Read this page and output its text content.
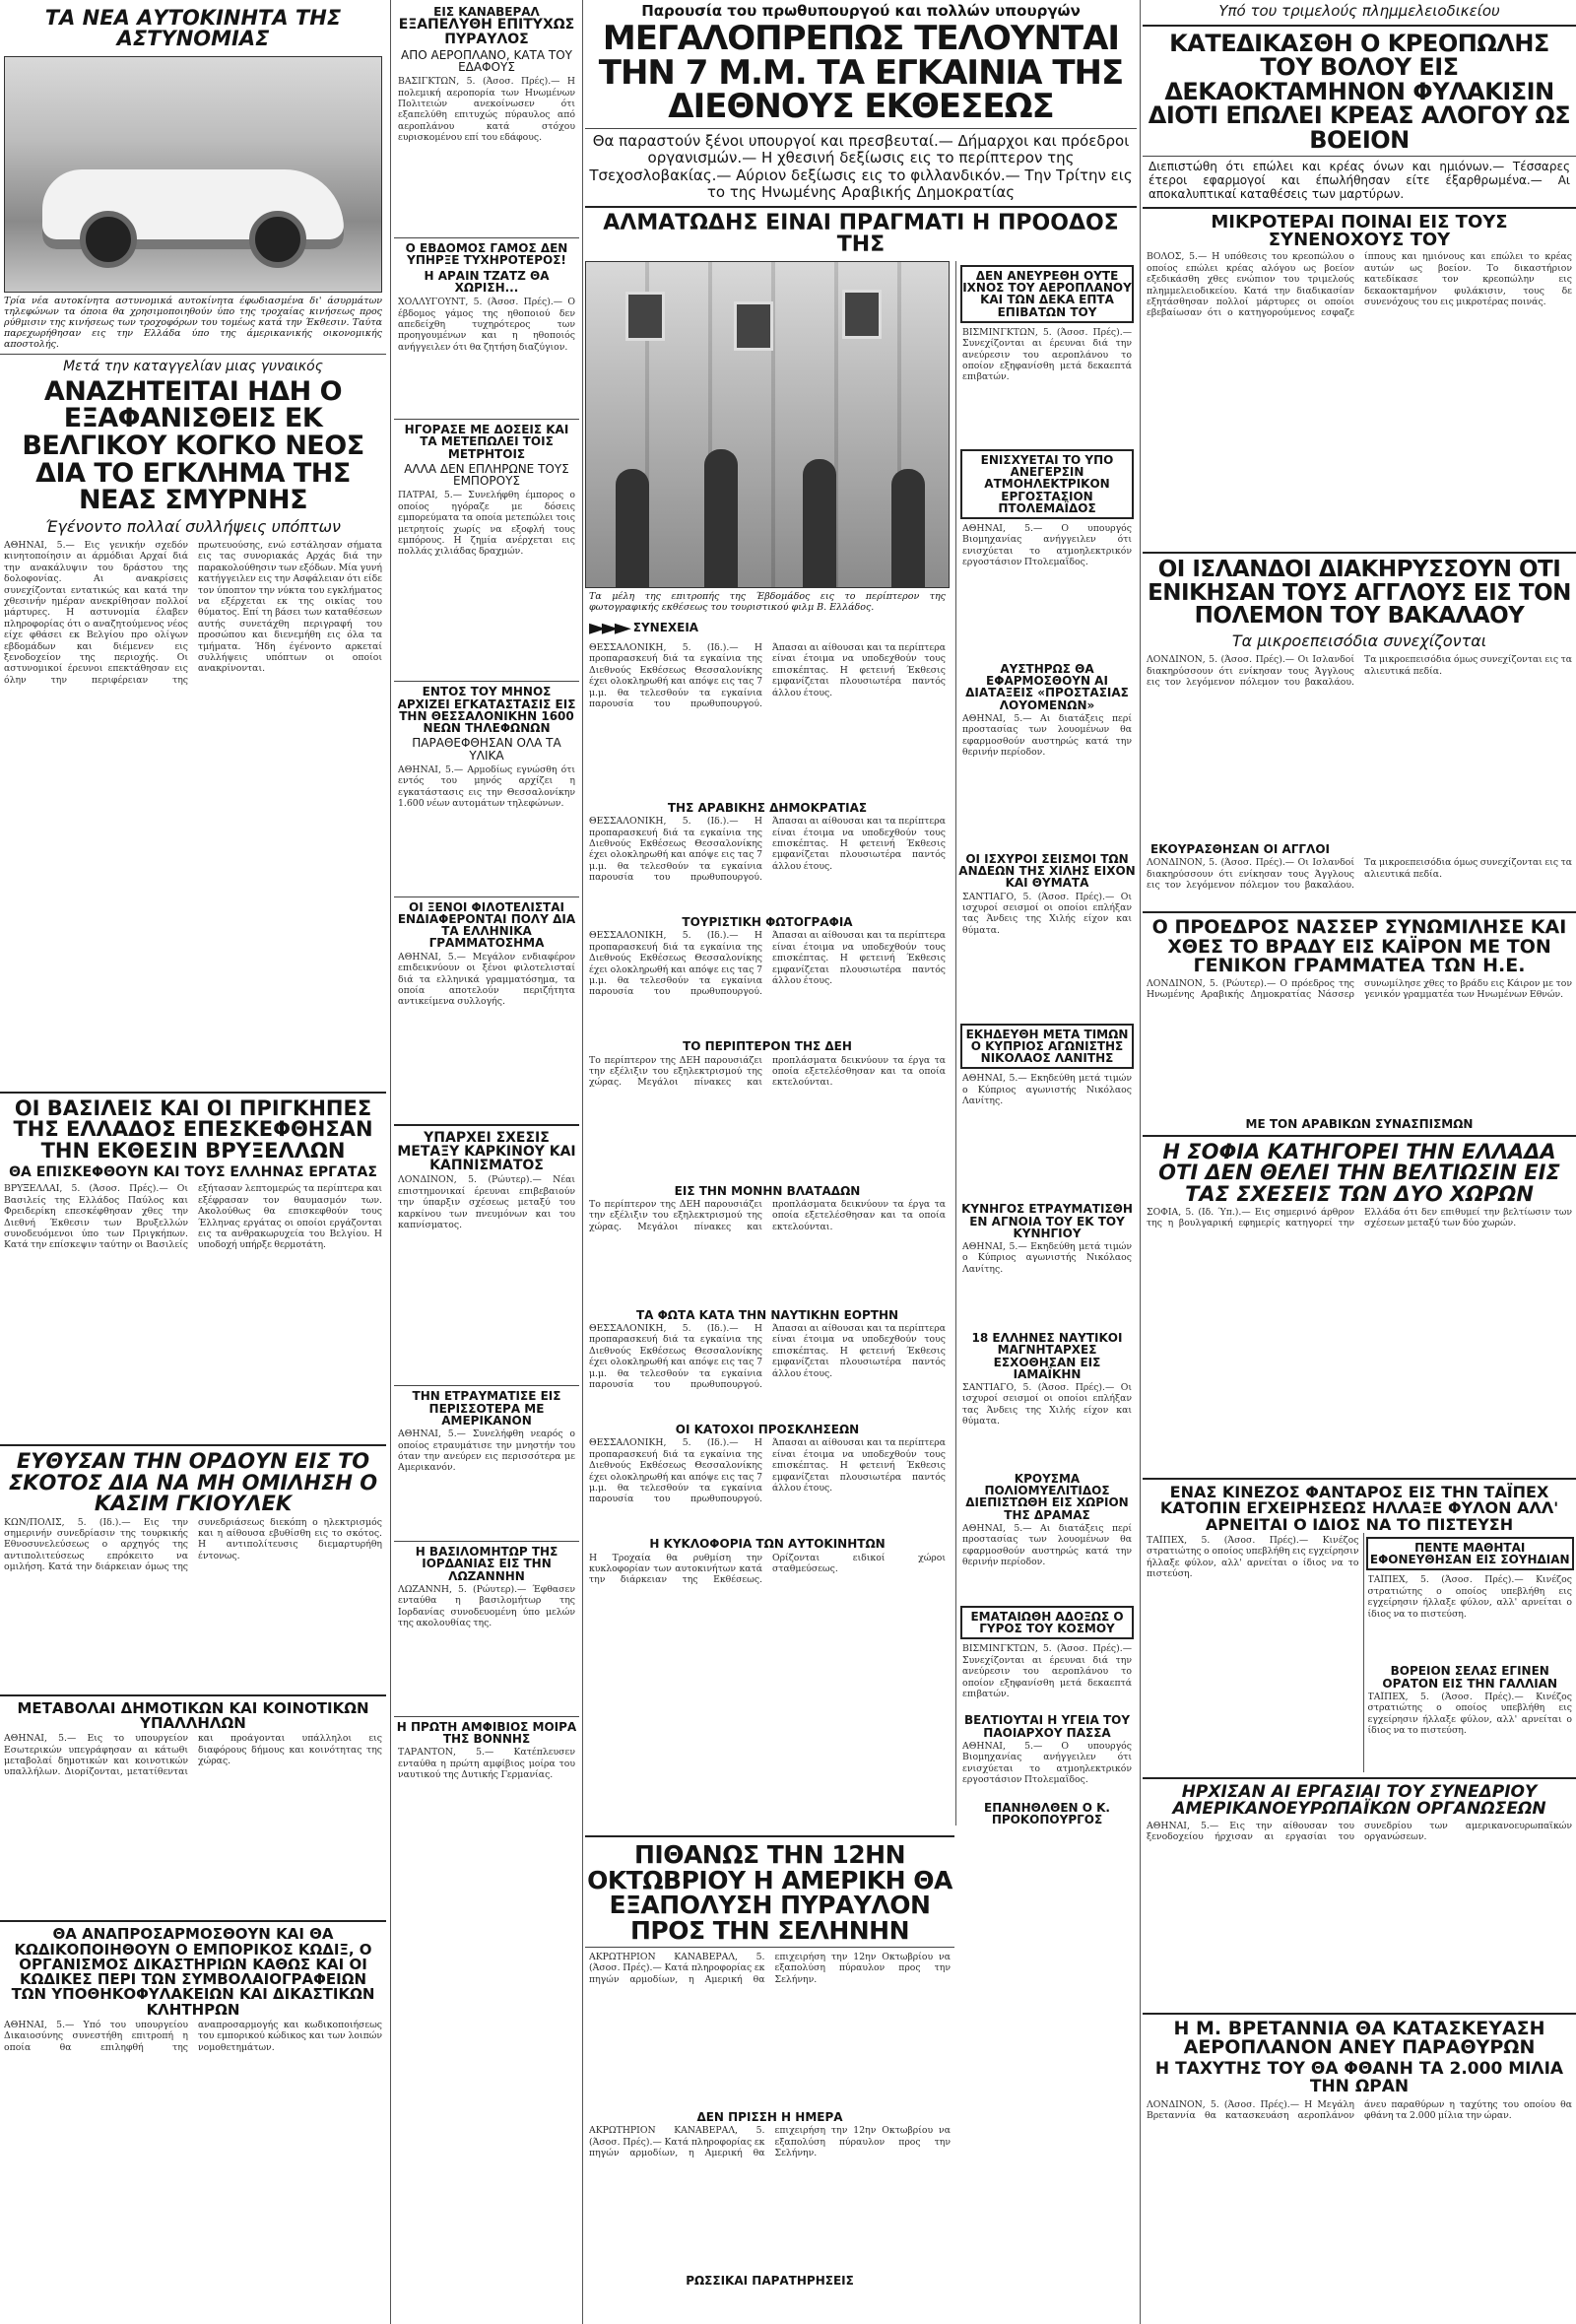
ΤΑ ΝΕΑ ΑΥΤΟΚΙΝΗΤΑ ΤΗΣ ΑΣΤΥΝΟΜΙΑΣ

Τρία νέα αυτοκίνητα αστυνομικά αυτοκίνητα έφωδιασμένα δι' άσυρμάτων τηλεφώνων τα όποια θα χρησιμοποιηθούν ύπο της τροχαίας κινήσεως προς ρύθμισιν της κινήσεως των τροχοφόρων του τομέως κατά την Έκθεσιν. Ταύτα παρεχωρήθησαν εις την Ελλάδα ύπο της άμερικανικής οικονομικής αποστολής.

Μετά την καταγγελίαν μιας γυναικός

ΑΝΑΖΗΤΕΙΤΑΙ ΗΔΗ Ο ΕΞΑΦΑΝΙΣΘΕΙΣ ΕΚ ΒΕΛΓΙΚΟΥ ΚΟΓΚΟ ΝΕΟΣ ΔΙΑ ΤΟ ΕΓΚΛΗΜΑ ΤΗΣ ΝΕΑΣ ΣΜΥΡΝΗΣ

Έγένοντο πολλαί συλλήψεις υπόπτων

ΑΘΗΝΑΙ, 5.— Εις γενικήν σχεδόν κινητοποίησιν αι άρμόδιαι Αρχαί διά την ανακάλυψιν του δράστου της δολοφονίας. Αι ανακρίσεις συνεχίζονται εντατικώς και κατά την χθεσινήν ημέραν ανεκρίθησαν πολλοί μάρτυρες. Η αστυνομία έλαβεν πληροφορίας ότι ο αναζητούμενος νέος είχε φθάσει εκ Βελγίου προ ολίγων εβδομάδων και διέμενεν εις ξενοδοχείον της περιοχής. Οι αστυνομικοί έρευνοι επεκτάθησαν εις όλην την περιφέρειαν της πρωτευούσης, ενώ εστάλησαν σήματα εις τας συνοριακάς Αρχάς διά την παρακολούθησιν των εξόδων. Μία γυνή κατήγγειλεν εις την Ασφάλειαν ότι είδε τον ύποπτον την νύκτα του εγκλήματος να εξέρχεται εκ της οικίας του θύματος. Επί τη βάσει των καταθέσεων αυτής συνετάχθη περιγραφή του προσώπου και διενεμήθη εις όλα τα τμήματα. Ήδη έγένοντο αρκεταί συλλήψεις υπόπτων οι οποίοι ανακρίνονται.

ΟΙ ΒΑΣΙΛΕΙΣ ΚΑΙ ΟΙ ΠΡΙΓΚΗΠΕΣ ΤΗΣ ΕΛΛΑΔΟΣ ΕΠΕΣΚΕΦΘΗΣΑΝ ΤΗΝ ΕΚΘΕΣΙΝ ΒΡΥΞΕΛΛΩΝ

ΘΑ ΕΠΙΣΚΕΦΘΟΥΝ ΚΑΙ ΤΟΥΣ ΕΛΛΗΝΑΣ ΕΡΓΑΤΑΣ

ΒΡΥΞΕΛΛΑΙ, 5. (Άσοσ. Πρές).— Οι Βασιλείς της Ελλάδος Παύλος και Φρειδερίκη επεσκέφθησαν χθες την Διεθνή Έκθεσιν των Βρυξελλών συνοδευόμενοι ύπο των Πριγκήπων. Κατά την επίσκεψιν ταύτην οι Βασιλείς εξήτασαν λεπτομερώς τα περίπτερα και εξέφρασαν τον θαυμασμόν των. Ακολούθως θα επισκεφθούν τους Έλληνας εργάτας οι οποίοι εργάζονται εις τα ανθρακωρυχεία του Βελγίου. Η υποδοχή υπήρξε θερμοτάτη.

ΕΥΘΥΣΑΝ ΤΗΝ ΟΡΔΟΥΝ ΕΙΣ ΤΟ ΣΚΟΤΟΣ ΔΙΑ ΝΑ ΜΗ ΟΜΙΛΗΣΗ Ο ΚΑΣΙΜ ΓΚΙΟΥΛΕΚ

ΚΩΝ/ΠΟΛΙΣ, 5. (Ιδ.).— Εις την σημερινήν συνεδρίασιν της τουρκικής Εθνοσυνελεύσεως ο αρχηγός της αντιπολιτεύσεως επρόκειτο να ομιλήση. Κατά την διάρκειαν όμως της συνεδριάσεως διεκόπη ο ηλεκτρισμός και η αίθουσα εβυθίσθη εις το σκότος. Η αντιπολίτευσις διεμαρτυρήθη έντονως.

ΜΕΤΑΒΟΛΑΙ ΔΗΜΟΤΙΚΩΝ ΚΑΙ ΚΟΙΝΟΤΙΚΩΝ ΥΠΑΛΛΗΛΩΝ

ΑΘΗΝΑΙ, 5.— Εις το υπουργείον Εσωτερικών υπεγράφησαν αι κάτωθι μεταβολαί δημοτικών και κοινοτικών υπαλλήλων. Διορίζονται, μετατίθενται και προάγονται υπάλληλοι εις διαφόρους δήμους και κοινότητας της χώρας.

ΘΑ ΑΝΑΠΡΟΣΑΡΜΟΣΘΟΥΝ ΚΑΙ ΘΑ ΚΩΔΙΚΟΠΟΙΗΘΟΥΝ Ο ΕΜΠΟΡΙΚΟΣ ΚΩΔΙΞ, Ο ΟΡΓΑΝΙΣΜΟΣ ΔΙΚΑΣΤΗΡΙΩΝ ΚΑΘΩΣ ΚΑΙ ΟΙ ΚΩΔΙΚΕΣ ΠΕΡΙ ΤΩΝ ΣΥΜΒΟΛΑΙΟΓΡΑΦΕΙΩΝ ΤΩΝ ΥΠΟΘΗΚΟΦΥΛΑΚΕΙΩΝ ΚΑΙ ΔΙΚΑΣΤΙΚΩΝ ΚΛΗΤΗΡΩΝ

ΑΘΗΝΑΙ, 5.— Υπό του υπουργείου Δικαιοσύνης συνεστήθη επιτροπή η οποία θα επιληφθή της αναπροσαρμογής και κωδικοποιήσεως του εμπορικού κώδικος και των λοιπών νομοθετημάτων.

ΕΙΣ ΚΑΝΑΒΕΡΑΛ

ΕΞΑΠΕΛΥΘΗ ΕΠΙΤΥΧΩΣ ΠΥΡΑΥΛΟΣ

ΑΠΟ ΑΕΡΟΠΛΑΝΟ, ΚΑΤΑ ΤΟΥ ΕΔΑΦΟΥΣ

ΒΑΣΙΓΚΤΩΝ, 5. (Άσοσ. Πρές).— Η πολεμική αεροπορία των Ηνωμένων Πολιτειών ανεκοίνωσεν ότι εξαπελύθη επιτυχώς πύραυλος από αεροπλάνου κατά στόχου ευρισκομένου επί του εδάφους.

Ο ΕΒΔΟΜΟΣ ΓΑΜΟΣ ΔΕΝ ΥΠΗΡΞΕ ΤΥΧΗΡΟΤΕΡΟΣ!

Η ΑΡΑΙΝ ΤΖΑΤΖ ΘΑ ΧΩΡΙΣΗ...

ΧΟΛΛΥΓΟΥΝΤ, 5. (Άσοσ. Πρές).— Ο έβδομος γάμος της ηθοποιού δεν απεδείχθη τυχηρότερος των προηγουμένων και η ηθοποιός ανήγγειλεν ότι θα ζητήση διαζύγιον.

ΗΓΟΡΑΣΕ ΜΕ ΔΟΣΕΙΣ ΚΑΙ ΤΑ ΜΕΤΕΠΩΛΕΙ ΤΟΙΣ ΜΕΤΡΗΤΟΙΣ

ΑΛΛΑ ΔΕΝ ΕΠΛΗΡΩΝΕ ΤΟΥΣ ΕΜΠΟΡΟΥΣ

ΠΑΤΡΑΙ, 5.— Συνελήφθη έμπορος ο οποίος ηγόραζε με δόσεις εμπορεύματα τα οποία μετεπώλει τοις μετρητοίς χωρίς να εξοφλή τους εμπόρους. Η ζημία ανέρχεται εις πολλάς χιλιάδας δραχμών.

ΕΝΤΟΣ ΤΟΥ ΜΗΝΟΣ ΑΡΧΙΖΕΙ ΕΓΚΑΤΑΣΤΑΣΙΣ ΕΙΣ ΤΗΝ ΘΕΣΣΑΛΟΝΙΚΗΝ 1600 ΝΕΩΝ ΤΗΛΕΦΩΝΩΝ

ΠΑΡΑΘΕΦΘΗΣΑΝ ΟΛΑ ΤΑ ΥΛΙΚΑ

ΑΘΗΝΑΙ, 5.— Αρμοδίως εγνώσθη ότι εντός του μηνός αρχίζει η εγκατάστασις εις την Θεσσαλονίκην 1.600 νέων αυτομάτων τηλεφώνων.

ΟΙ ΞΕΝΟΙ ΦΙΛΟΤΕΛΙΣΤΑΙ ΕΝΔΙΑΦΕΡΟΝΤΑΙ ΠΟΛΥ ΔΙΑ ΤΑ ΕΛΛΗΝΙΚΑ ΓΡΑΜΜΑΤΟΣΗΜΑ

ΑΘΗΝΑΙ, 5.— Μεγάλον ενδιαφέρον επιδεικνύουν οι ξένοι φιλοτελισταί διά τα ελληνικά γραμματόσημα, τα οποία αποτελούν περιζήτητα αντικείμενα συλλογής.

ΥΠΑΡΧΕΙ ΣΧΕΣΙΣ ΜΕΤΑΞΥ ΚΑΡΚΙΝΟΥ ΚΑΙ ΚΑΠΝΙΣΜΑΤΟΣ

ΛΟΝΔΙΝΟΝ, 5. (Ρώυτερ).— Νέαι επιστημονικαί έρευναι επιβεβαιούν την ύπαρξιν σχέσεως μεταξύ του καρκίνου των πνευμόνων και του καπνίσματος.

ΤΗΝ ΕΤΡΑΥΜΑΤΙΣΕ ΕΙΣ ΠΕΡΙΣΣΟΤΕΡΑ ΜΕ ΑΜΕΡΙΚΑΝΟΝ

ΑΘΗΝΑΙ, 5.— Συνελήφθη νεαρός ο οποίος ετραυμάτισε την μνηστήν του όταν την ανεύρεν εις περισσότερα με Αμερικανόν.

Η ΒΑΣΙΛΟΜΗΤΩΡ ΤΗΣ ΙΟΡΔΑΝΙΑΣ ΕΙΣ ΤΗΝ ΛΩΖΑΝΝΗΝ

ΛΩΖΑΝΝΗ, 5. (Ρώυτερ).— Έφθασεν ενταύθα η βασιλομήτωρ της Ιορδανίας συνοδευομένη ύπο μελών της ακολουθίας της.

Η ΠΡΩΤΗ ΑΜΦΙΒΙΟΣ ΜΟΙΡΑ ΤΗΣ ΒΟΝΝΗΣ

ΤΑΡΑΝΤΟΝ, 5.— Κατέπλευσεν ενταύθα η πρώτη αμφίβιος μοίρα του ναυτικού της Δυτικής Γερμανίας.

Παρουσία του πρωθυπουργού και πολλών υπουργών

ΜΕΓΑΛΟΠΡΕΠΩΣ ΤΕΛΟΥΝΤΑΙ ΤΗΝ 7 Μ.Μ. ΤΑ ΕΓΚΑΙΝΙΑ ΤΗΣ ΔΙΕΘΝΟΥΣ ΕΚΘΕΣΕΩΣ

Θα παραστούν ξένοι υπουργοί και πρεσβευταί.— Δήμαρχοι και πρόεδροι οργανισμών.— Η χθεσινή δεξίωσις εις το περίπτερον της Τσεχοσλοβακίας.— Αύριον δεξίωσις εις το φιλλανδικόν.— Την Τρίτην εις το της Ηνωμένης Αραβικής Δημοκρατίας

ΑΛΜΑΤΩΔΗΣ ΕΙΝΑΙ ΠΡΑΓΜΑΤΙ Η ΠΡΟΟΔΟΣ ΤΗΣ

Τα μέλη της επιτροπής της Έβδομάδος εις το περίπτερον της φωτογραφικής εκθέσεως του τουριστικού φιλμ Β. Ελλάδος.

►►► ΣΥΝΕΧΕΙΑ

ΘΕΣΣΑΛΟΝΙΚΗ, 5. (Ιδ.).— Η προπαρασκευή διά τα εγκαίνια της Διεθνούς Εκθέσεως Θεσσαλονίκης έχει ολοκληρωθή και απόψε εις τας 7 μ.μ. θα τελεσθούν τα εγκαίνια παρουσία του πρωθυπουργού. Άπασαι αι αίθουσαι και τα περίπτερα είναι έτοιμα να υποδεχθούν τους επισκέπτας. Η φετεινή Έκθεσις εμφανίζεται πλουσιωτέρα παντός άλλου έτους.

ΤΗΣ ΑΡΑΒΙΚΗΣ ΔΗΜΟΚΡΑΤΙΑΣ

ΘΕΣΣΑΛΟΝΙΚΗ, 5. (Ιδ.).— Η προπαρασκευή διά τα εγκαίνια της Διεθνούς Εκθέσεως Θεσσαλονίκης έχει ολοκληρωθή και απόψε εις τας 7 μ.μ. θα τελεσθούν τα εγκαίνια παρουσία του πρωθυπουργού. Άπασαι αι αίθουσαι και τα περίπτερα είναι έτοιμα να υποδεχθούν τους επισκέπτας. Η φετεινή Έκθεσις εμφανίζεται πλουσιωτέρα παντός άλλου έτους.

ΤΟΥΡΙΣΤΙΚΗ ΦΩΤΟΓΡΑΦΙΑ

ΘΕΣΣΑΛΟΝΙΚΗ, 5. (Ιδ.).— Η προπαρασκευή διά τα εγκαίνια της Διεθνούς Εκθέσεως Θεσσαλονίκης έχει ολοκληρωθή και απόψε εις τας 7 μ.μ. θα τελεσθούν τα εγκαίνια παρουσία του πρωθυπουργού. Άπασαι αι αίθουσαι και τα περίπτερα είναι έτοιμα να υποδεχθούν τους επισκέπτας. Η φετεινή Έκθεσις εμφανίζεται πλουσιωτέρα παντός άλλου έτους.

ΤΟ ΠΕΡΙΠΤΕΡΟΝ ΤΗΣ ΔΕΗ

Το περίπτερον της ΔΕΗ παρουσιάζει την εξέλιξιν του εξηλεκτρισμού της χώρας. Μεγάλοι πίνακες και προπλάσματα δεικνύουν τα έργα τα οποία εξετελέσθησαν και τα οποία εκτελούνται.

ΕΙΣ ΤΗΝ ΜΟΝΗΝ ΒΛΑΤΑΔΩΝ

Το περίπτερον της ΔΕΗ παρουσιάζει την εξέλιξιν του εξηλεκτρισμού της χώρας. Μεγάλοι πίνακες και προπλάσματα δεικνύουν τα έργα τα οποία εξετελέσθησαν και τα οποία εκτελούνται.

ΤΑ ΦΩΤΑ ΚΑΤΑ ΤΗΝ ΝΑΥΤΙΚΗΝ ΕΟΡΤΗΝ

ΘΕΣΣΑΛΟΝΙΚΗ, 5. (Ιδ.).— Η προπαρασκευή διά τα εγκαίνια της Διεθνούς Εκθέσεως Θεσσαλονίκης έχει ολοκληρωθή και απόψε εις τας 7 μ.μ. θα τελεσθούν τα εγκαίνια παρουσία του πρωθυπουργού. Άπασαι αι αίθουσαι και τα περίπτερα είναι έτοιμα να υποδεχθούν τους επισκέπτας. Η φετεινή Έκθεσις εμφανίζεται πλουσιωτέρα παντός άλλου έτους.

ΟΙ ΚΑΤΟΧΟΙ ΠΡΟΣΚΛΗΣΕΩΝ

ΘΕΣΣΑΛΟΝΙΚΗ, 5. (Ιδ.).— Η προπαρασκευή διά τα εγκαίνια της Διεθνούς Εκθέσεως Θεσσαλονίκης έχει ολοκληρωθή και απόψε εις τας 7 μ.μ. θα τελεσθούν τα εγκαίνια παρουσία του πρωθυπουργού. Άπασαι αι αίθουσαι και τα περίπτερα είναι έτοιμα να υποδεχθούν τους επισκέπτας. Η φετεινή Έκθεσις εμφανίζεται πλουσιωτέρα παντός άλλου έτους.

Η ΚΥΚΛΟΦΟΡΙΑ ΤΩΝ ΑΥΤΟΚΙΝΗΤΩΝ

Η Τροχαία θα ρυθμίση την κυκλοφορίαν των αυτοκινήτων κατά την διάρκειαν της Εκθέσεως. Ορίζονται ειδικοί χώροι σταθμεύσεως.

ΔΕΝ ΑΝΕΥΡΕΘΗ ΟΥΤΕ ΙΧΝΟΣ ΤΟΥ ΑΕΡΟΠΛΑΝΟΥ ΚΑΙ ΤΩΝ ΔΕΚΑ ΕΠΤΑ ΕΠΙΒΑΤΩΝ ΤΟΥ

ΒΙΣΜΙΝΓΚΤΩΝ, 5. (Άσοσ. Πρές).— Συνεχίζονται αι έρευναι διά την ανεύρεσιν του αεροπλάνου το οποίον εξηφανίσθη μετά δεκαεπτά επιβατών.

ΕΝΙΣΧΥΕΤΑΙ ΤΟ ΥΠΟ ΑΝΕΓΕΡΣΙΝ ΑΤΜΟΗΛΕΚΤΡΙΚΟΝ ΕΡΓΟΣΤΑΣΙΟΝ ΠΤΟΛΕΜΑΪΔΟΣ

ΑΘΗΝΑΙ, 5.— Ο υπουργός Βιομηχανίας ανήγγειλεν ότι ενισχύεται το ατμοηλεκτρικόν εργοστάσιον Πτολεμαΐδος.

ΑΥΣΤΗΡΩΣ ΘΑ ΕΦΑΡΜΟΣΘΟΥΝ ΑΙ ΔΙΑΤΑΞΕΙΣ «ΠΡΟΣΤΑΣΙΑΣ ΛΟΥΟΜΕΝΩΝ»

ΑΘΗΝΑΙ, 5.— Αι διατάξεις περί προστασίας των λουομένων θα εφαρμοσθούν αυστηρώς κατά την θερινήν περίοδον.

ΟΙ ΙΣΧΥΡΟΙ ΣΕΙΣΜΟΙ ΤΩΝ ΑΝΔΕΩΝ ΤΗΣ ΧΙΛΗΣ ΕΙΧΟΝ ΚΑΙ ΘΥΜΑΤΑ

ΣΑΝΤΙΑΓΟ, 5. (Άσοσ. Πρές).— Οι ισχυροί σεισμοί οι οποίοι επλήξαν τας Άνδεις της Χιλής είχον και θύματα.

ΕΚΗΔΕΥΘΗ ΜΕΤΑ ΤΙΜΩΝ Ο ΚΥΠΡΙΟΣ ΑΓΩΝΙΣΤΗΣ ΝΙΚΟΛΑΟΣ ΛΑΝΙΤΗΣ

ΑΘΗΝΑΙ, 5.— Εκηδεύθη μετά τιμών ο Κύπριος αγωνιστής Νικόλαος Λανίτης.

ΚΥΝΗΓΟΣ ΕΤΡΑΥΜΑΤΙΣΘΗ ΕΝ ΑΓΝΟΙΑ ΤΟΥ ΕΚ ΤΟΥ ΚΥΝΗΓΙΟΥ

ΑΘΗΝΑΙ, 5.— Εκηδεύθη μετά τιμών ο Κύπριος αγωνιστής Νικόλαος Λανίτης.

18 ΕΛΛΗΝΕΣ ΝΑΥΤΙΚΟΙ ΜΑΓΝΗΤΑΡΧΕΣ ΕΣΧΟΘΗΣΑΝ ΕΙΣ ΙΑΜΑΪΚΗΝ

ΣΑΝΤΙΑΓΟ, 5. (Άσοσ. Πρές).— Οι ισχυροί σεισμοί οι οποίοι επλήξαν τας Άνδεις της Χιλής είχον και θύματα.

ΚΡΟΥΣΜΑ ΠΟΛΙΟΜΥΕΛΙΤΙΔΟΣ ΔΙΕΠΙΣΤΩΘΗ ΕΙΣ ΧΩΡΙΟΝ ΤΗΣ ΔΡΑΜΑΣ

ΑΘΗΝΑΙ, 5.— Αι διατάξεις περί προστασίας των λουομένων θα εφαρμοσθούν αυστηρώς κατά την θερινήν περίοδον.

ΕΜΑΤΑΙΩΘΗ ΑΔΟΞΩΣ Ο ΓΥΡΟΣ ΤΟΥ ΚΟΣΜΟΥ

ΒΙΣΜΙΝΓΚΤΩΝ, 5. (Άσοσ. Πρές).— Συνεχίζονται αι έρευναι διά την ανεύρεσιν του αεροπλάνου το οποίον εξηφανίσθη μετά δεκαεπτά επιβατών.

ΒΕΛΤΙΟΥΤΑΙ Η ΥΓΕΙΑ ΤΟΥ ΠΑΟΙΑΡΧΟΥ ΠΑΣΣΑ

ΑΘΗΝΑΙ, 5.— Ο υπουργός Βιομηχανίας ανήγγειλεν ότι ενισχύεται το ατμοηλεκτρικόν εργοστάσιον Πτολεμαΐδος.

ΕΠΑΝΗΘΛΘΕΝ Ο Κ. ΠΡΟΚΟΠΟΥΡΓΟΣ
ΠΙΘΑΝΩΣ ΤΗΝ 12ΗΝ ΟΚΤΩΒΡΙΟΥ Η ΑΜΕΡΙΚΗ ΘΑ ΕΞΑΠΟΛΥΣΗ ΠΥΡΑΥΛΟΝ ΠΡΟΣ ΤΗΝ ΣΕΛΗΝΗΝ

ΑΚΡΩΤΗΡΙΟΝ ΚΑΝΑΒΕΡΑΛ, 5. (Άσοσ. Πρές).— Κατά πληροφορίας εκ πηγών αρμοδίων, η Αμερική θα επιχειρήση την 12ην Οκτωβρίου να εξαπολύση πύραυλον προς την Σελήνην.

ΔΕΝ ΠΡΙΣΣΗ Η ΗΜΕΡΑ

ΑΚΡΩΤΗΡΙΟΝ ΚΑΝΑΒΕΡΑΛ, 5. (Άσοσ. Πρές).— Κατά πληροφορίας εκ πηγών αρμοδίων, η Αμερική θα επιχειρήση την 12ην Οκτωβρίου να εξαπολύση πύραυλον προς την Σελήνην.

ΡΩΣΣΙΚΑΙ ΠΑΡΑΤΗΡΗΣΕΙΣ

Υπό του τριμελούς πλημμελειοδικείου

ΚΑΤΕΔΙΚΑΣΘΗ Ο ΚΡΕΟΠΩΛΗΣ ΤΟΥ ΒΟΛΟΥ ΕΙΣ ΔΕΚΑΟΚΤΑΜΗΝΟΝ ΦΥΛΑΚΙΣΙΝ ΔΙΟΤΙ ΕΠΩΛΕΙ ΚΡΕΑΣ ΑΛΟΓΟΥ ΩΣ ΒΟΕΙΟΝ

Διεπιστώθη ότι επώλει και κρέας όνων και ημιόνων.— Τέσσαρες έτεροι εφαρμογοί και έπωλήθησαν είτε έξαρθρωμένα.— Αι αποκαλυπτικαί καταθέσεις των μαρτύρων.

ΜΙΚΡΟΤΕΡΑΙ ΠΟΙΝΑΙ ΕΙΣ ΤΟΥΣ ΣΥΝΕΝΟΧΟΥΣ ΤΟΥ

ΒΟΛΟΣ, 5.— Η υπόθεσις του κρεοπώλου ο οποίος επώλει κρέας αλόγου ως βοείον εξεδικάσθη χθες ενώπιον του τριμελούς πλημμελειοδικείου. Κατά την διαδικασίαν εξητάσθησαν πολλοί μάρτυρες οι οποίοι εβεβαίωσαν ότι ο κατηγορούμενος εσφαζε ίππους και ημιόνους και επώλει το κρέας αυτών ως βοείον. Το δικαστήριον κατεδίκασε τον κρεοπώλην εις δεκαοκταμήνον φυλάκισιν, τους δε συνενόχους του εις μικροτέρας ποινάς.

ΟΙ ΙΣΛΑΝΔΟΙ ΔΙΑΚΗΡΥΣΣΟΥΝ ΟΤΙ ΕΝΙΚΗΣΑΝ ΤΟΥΣ ΑΓΓΛΟΥΣ ΕΙΣ ΤΟΝ ΠΟΛΕΜΟΝ ΤΟΥ ΒΑΚΑΛΑΟΥ

Τα μικροεπεισόδια συνεχίζονται

ΛΟΝΔΙΝΟΝ, 5. (Άσοσ. Πρές).— Οι Ισλανδοί διακηρύσσουν ότι ενίκησαν τους Άγγλους εις τον λεγόμενον πόλεμον του βακαλάου. Τα μικροεπεισόδια όμως συνεχίζονται εις τα αλιευτικά πεδία.

ΕΚΟΥΡΑΣΘΗΣΑΝ ΟΙ ΑΓΓΛΟΙ

ΛΟΝΔΙΝΟΝ, 5. (Άσοσ. Πρές).— Οι Ισλανδοί διακηρύσσουν ότι ενίκησαν τους Άγγλους εις τον λεγόμενον πόλεμον του βακαλάου. Τα μικροεπεισόδια όμως συνεχίζονται εις τα αλιευτικά πεδία.

Ο ΠΡΟΕΔΡΟΣ ΝΑΣΣΕΡ ΣΥΝΩΜΙΛΗΣΕ ΚΑΙ ΧΘΕΣ ΤΟ ΒΡΑΔΥ ΕΙΣ ΚΑΪΡΟΝ ΜΕ ΤΟΝ ΓΕΝΙΚΟΝ ΓΡΑΜΜΑΤΕΑ ΤΩΝ Η.Ε.

ΛΟΝΔΙΝΟΝ, 5. (Ρώυτερ).— Ο πρόεδρος της Ηνωμένης Αραβικής Δημοκρατίας Νάσσερ συνωμίλησε χθες το βράδυ εις Κάιρον με τον γενικόν γραμματέα των Ηνωμένων Εθνών.

ΜΕ ΤΟΝ ΑΡΑΒΙΚΩΝ ΣΥΝΑΣΠΙΣΜΩΝ

Η ΣΟΦΙΑ ΚΑΤΗΓΟΡΕΙ ΤΗΝ ΕΛΛΑΔΑ ΟΤΙ ΔΕΝ ΘΕΛΕΙ ΤΗΝ ΒΕΛΤΙΩΣΙΝ ΕΙΣ ΤΑΣ ΣΧΕΣΕΙΣ ΤΩΝ ΔΥΟ ΧΩΡΩΝ

ΣΟΦΙΑ, 5. (Ιδ. Ύπ.).— Εις σημερινό άρθρον της η βουλγαρική εφημερίς κατηγορεί την Ελλάδα ότι δεν επιθυμεί την βελτίωσιν των σχέσεων μεταξύ των δύο χωρών.

ΕΝΑΣ ΚΙΝΕΖΟΣ ΦΑΝΤΑΡΟΣ ΕΙΣ ΤΗΝ ΤΑΪΠΕΧ ΚΑΤΟΠΙΝ ΕΓΧΕΙΡΗΣΕΩΣ ΗΛΛΑΞΕ ΦΥΛΟΝ ΑΛΛ' ΑΡΝΕΙΤΑΙ Ο ΙΔΙΟΣ ΝΑ ΤΟ ΠΙΣΤΕΥΣΗ

ΤΑΪΠΕΧ, 5. (Άσοσ. Πρές).— Κινέζος στρατιώτης ο οποίος υπεβλήθη εις εγχείρησιν ήλλαξε φύλον, αλλ' αρνείται ο ίδιος να το πιστεύση.

ΠΕΝΤΕ ΜΑΘΗΤΑΙ ΕΦΟΝΕΥΘΗΣΑΝ ΕΙΣ ΣΟΥΗΔΙΑΝ

ΤΑΪΠΕΧ, 5. (Άσοσ. Πρές).— Κινέζος στρατιώτης ο οποίος υπεβλήθη εις εγχείρησιν ήλλαξε φύλον, αλλ' αρνείται ο ίδιος να το πιστεύση.

ΒΟΡΕΙΟΝ ΣΕΛΑΣ ΕΓΙΝΕΝ ΟΡΑΤΟΝ ΕΙΣ ΤΗΝ ΓΑΛΛΙΑΝ

ΤΑΪΠΕΧ, 5. (Άσοσ. Πρές).— Κινέζος στρατιώτης ο οποίος υπεβλήθη εις εγχείρησιν ήλλαξε φύλον, αλλ' αρνείται ο ίδιος να το πιστεύση.

ΗΡΧΙΣΑΝ ΑΙ ΕΡΓΑΣΙΑΙ ΤΟΥ ΣΥΝΕΔΡΙΟΥ ΑΜΕΡΙΚΑΝΟΕΥΡΩΠΑΪΚΩΝ ΟΡΓΑΝΩΣΕΩΝ

ΑΘΗΝΑΙ, 5.— Εις την αίθουσαν του ξενοδοχείου ήρχισαν αι εργασίαι του συνεδρίου των αμερικανοευρωπαϊκών οργανώσεων.

Η Μ. ΒΡΕΤΑΝΝΙΑ ΘΑ ΚΑΤΑΣΚΕΥΑΣΗ ΑΕΡΟΠΛΑΝΟΝ ΑΝΕΥ ΠΑΡΑΘΥΡΩΝ
Η ΤΑΧΥΤΗΣ ΤΟΥ ΘΑ ΦΘΑΝΗ ΤΑ 2.000 ΜΙΛΙΑ ΤΗΝ ΩΡΑΝ

ΛΟΝΔΙΝΟΝ, 5. (Άσοσ. Πρές).— Η Μεγάλη Βρεταννία θα κατασκευάση αεροπλάνον άνευ παραθύρων η ταχύτης του οποίου θα φθάνη τα 2.000 μίλια την ώραν.
